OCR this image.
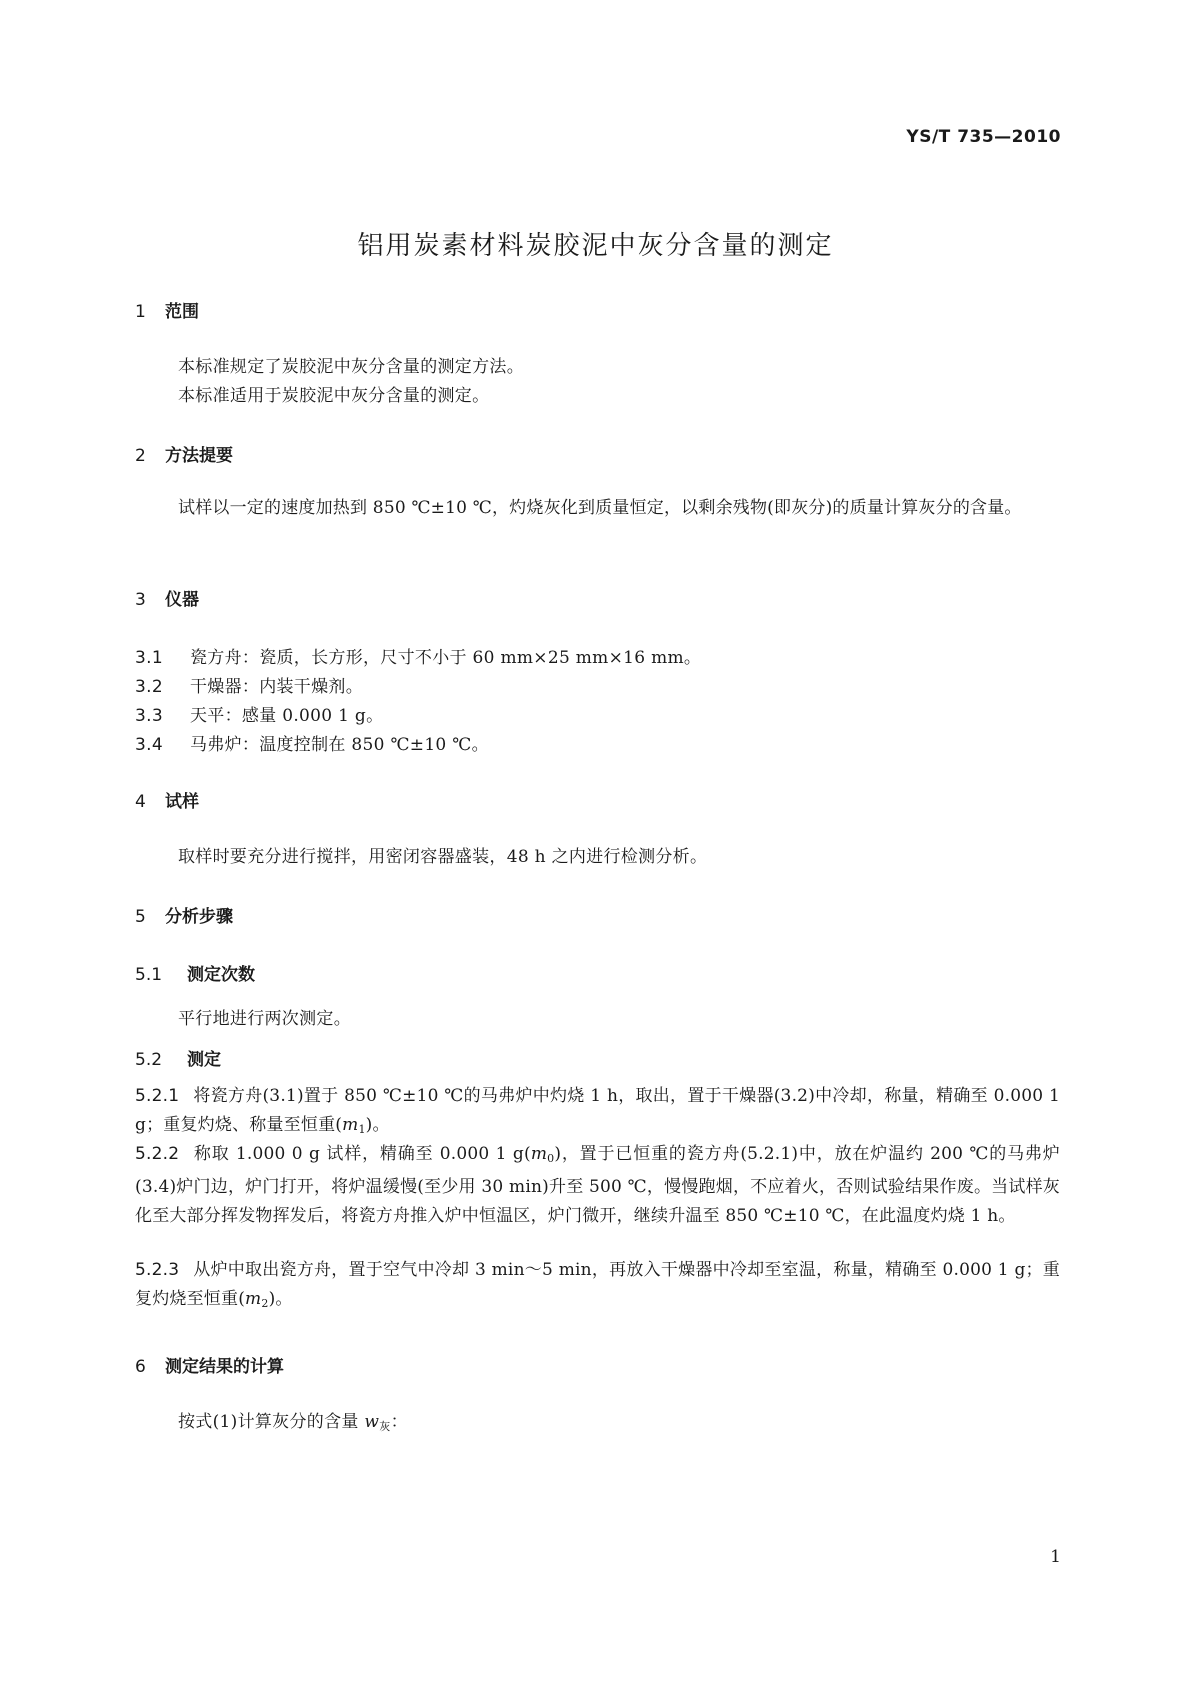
YS/T 735—2010
铝用炭素材料炭胶泥中灰分含量的测定
1 范围
本标准规定了炭胶泥中灰分含量的测定方法。
本标准适用于炭胶泥中灰分含量的测定。
2 方法提要
试样以一定的速度加热到 850 ℃±10 ℃，灼烧灰化到质量恒定，以剩余残物(即灰分)的质量计算灰分的含量。
3 仪器
3.1 瓷方舟：瓷质，长方形，尺寸不小于 60 mm×25 mm×16 mm。
3.2 干燥器：内装干燥剂。
3.3 天平：感量 0.000 1 g。
3.4 马弗炉：温度控制在 850 ℃±10 ℃。
4 试样
取样时要充分进行搅拌，用密闭容器盛装，48 h 之内进行检测分析。
5 分析步骤
5.1 测定次数
平行地进行两次测定。
5.2 测定
5.2.1 将瓷方舟(3.1)置于 850 ℃±10 ℃的马弗炉中灼烧 1 h，取出，置于干燥器(3.2)中冷却，称量，精确至 0.000 1 g；重复灼烧、称量至恒重$(m_1)$。
5.2.2 称取 1.000 0 g 试样，精确至 0.000 1 $g(m_0)$，置于已恒重的瓷方舟(5.2.1)中，放在炉温约 200 ℃的马弗炉(3.4)炉门边，炉门打开，将炉温缓慢(至少用 30 min)升至 500 ℃，慢慢跑烟，不应着火，否则试验结果作废。当试样灰化至大部分挥发物挥发后，将瓷方舟推入炉中恒温区，炉门微开，继续升温至 850 ℃±10 ℃，在此温度灼烧 1 h。
5.2.3 从炉中取出瓷方舟，置于空气中冷却 3 min～5 min，再放入干燥器中冷却至室温，称量，精确至 0.000 1 g；重复灼烧至恒重$(m_2)$。
6 测定结果的计算
按式(1)计算灰分的含量 $w_灰$：
1
